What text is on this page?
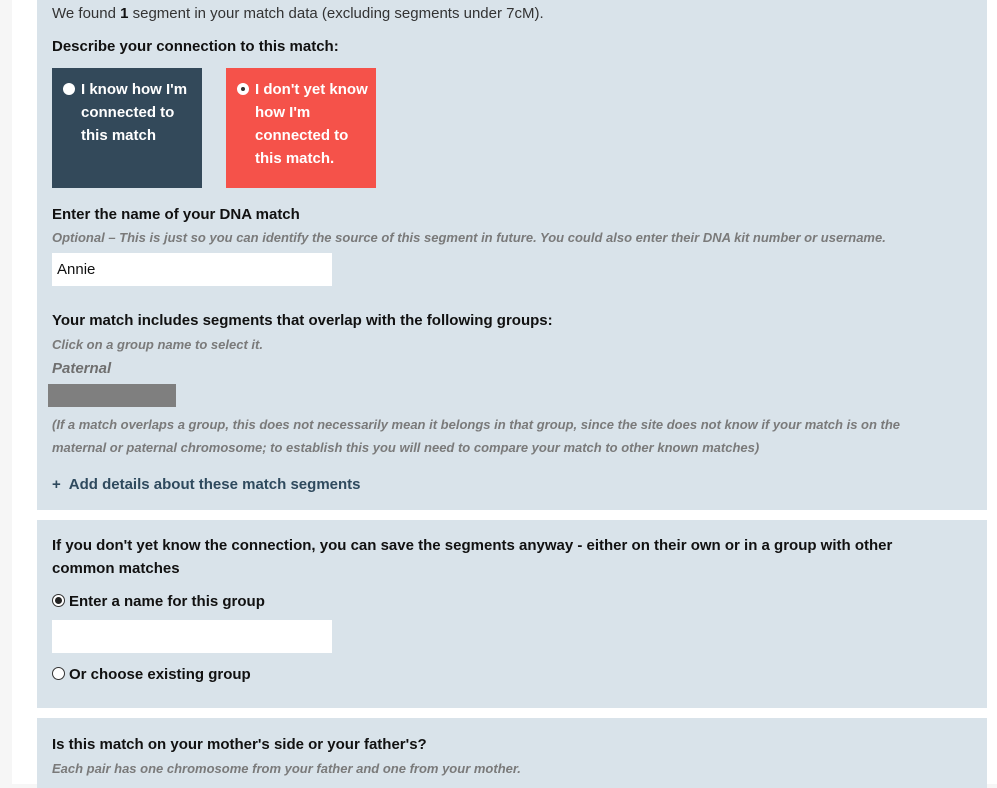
We found 1 segment in your match data (excluding segments under 7cM).
Describe your connection to this match:
I know how I'm connected to this match
I don't yet know how I'm connected to this match.
Enter the name of your DNA match
Optional – This is just so you can identify the source of this segment in future. You could also enter their DNA kit number or username.
Annie
Your match includes segments that overlap with the following groups:
Click on a group name to select it.
Paternal
(If a match overlaps a group, this does not necessarily mean it belongs in that group, since the site does not know if your match is on the
maternal or paternal chromosome; to establish this you will need to compare your match to other known matches)
+ Add details about these match segments
If you don't yet know the connection, you can save the segments anyway - either on their own or in a group with other
common matches
Enter a name for this group
Or choose existing group
Is this match on your mother's side or your father's?
Each pair has one chromosome from your father and one from your mother.
